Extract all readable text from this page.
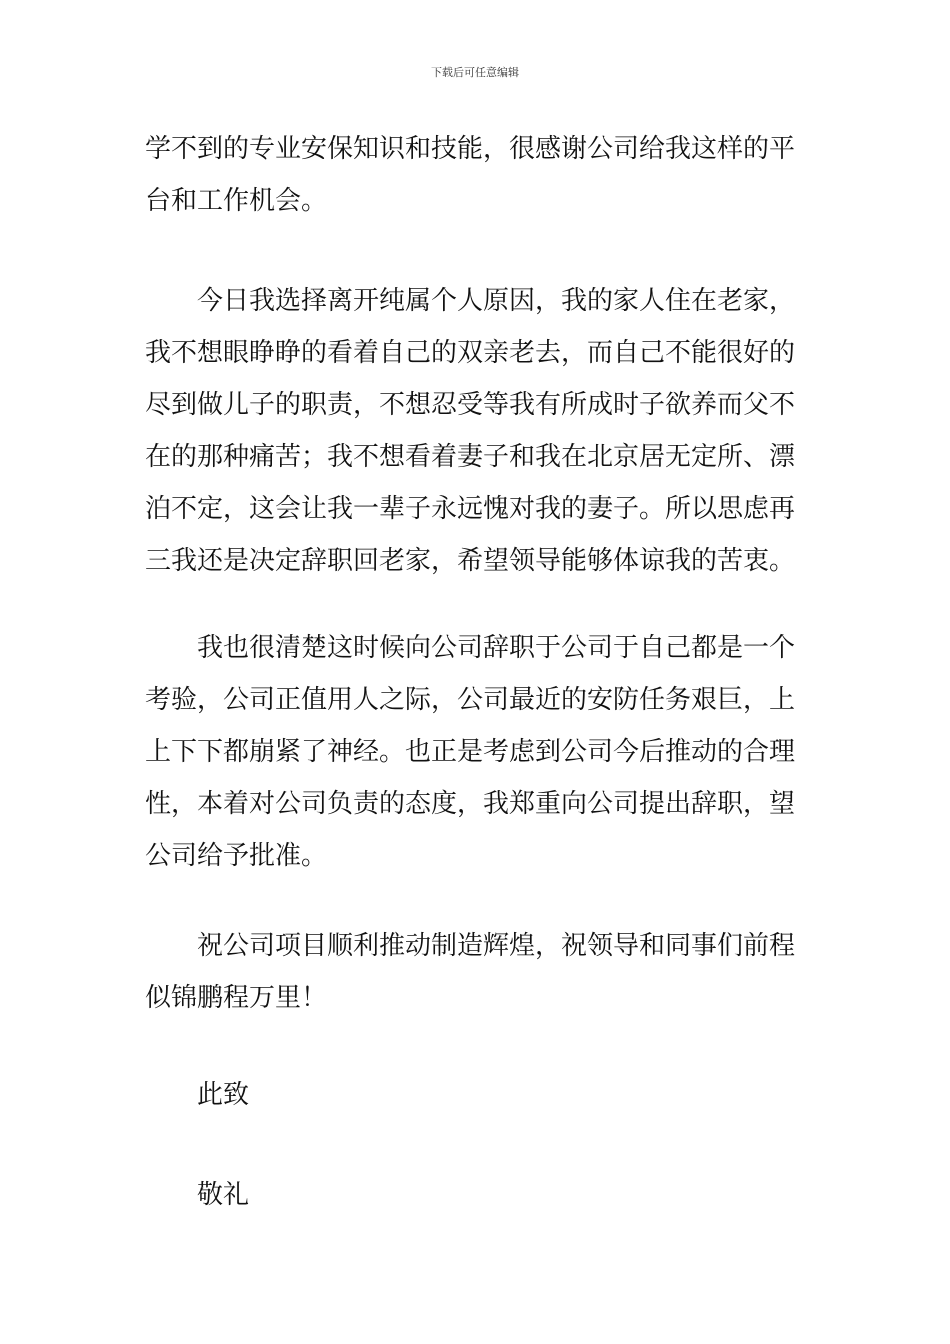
下载后可任意编辑
学不到的专业安保知识和技能，很感谢公司给我这样的平
台和工作机会。
今日我选择离开纯属个人原因，我的家人住在老家，
我不想眼睁睁的看着自己的双亲老去，而自己不能很好的
尽到做儿子的职责，不想忍受等我有所成时子欲养而父不
在的那种痛苦；我不想看着妻子和我在北京居无定所、漂
泊不定，这会让我一辈子永远愧对我的妻子。所以思虑再
三我还是决定辞职回老家，希望领导能够体谅我的苦衷。
我也很清楚这时候向公司辞职于公司于自己都是一个
考验，公司正值用人之际，公司最近的安防任务艰巨，上
上下下都崩紧了神经。也正是考虑到公司今后推动的合理
性，本着对公司负责的态度，我郑重向公司提出辞职，望
公司给予批准。
祝公司项目顺利推动制造辉煌，祝领导和同事们前程
似锦鹏程万里！
此致
敬礼
